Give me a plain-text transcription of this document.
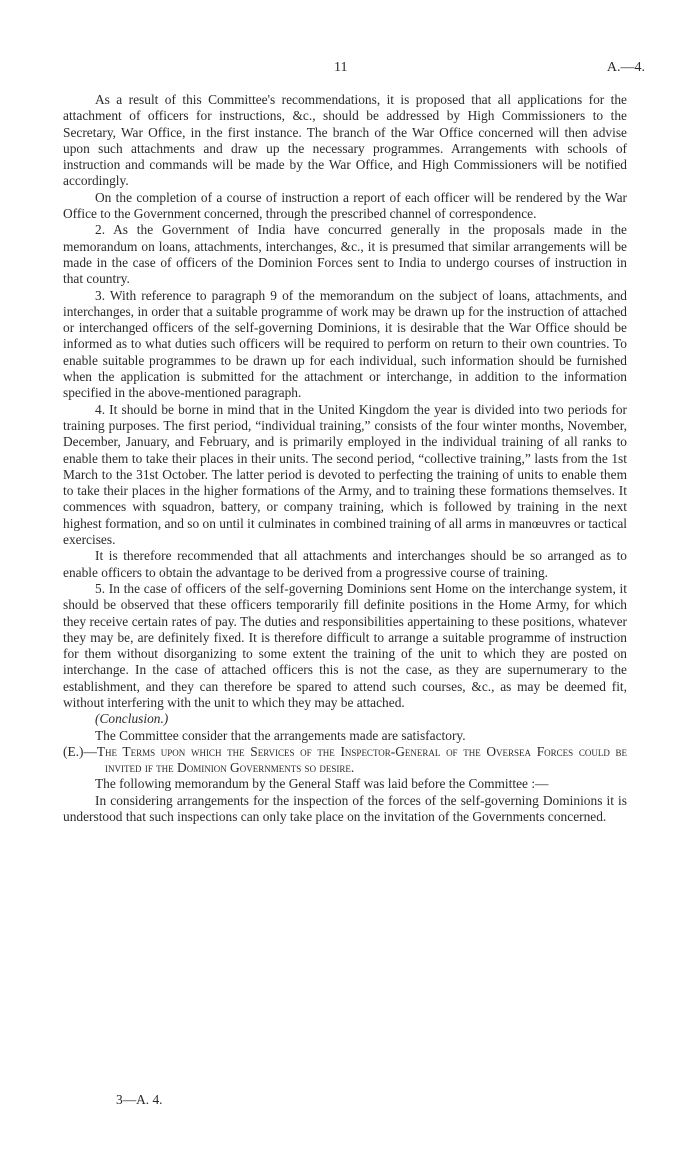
11	A.—4.

As a result of this Committee's recommendations, it is proposed that all applications for the attachment of officers for instructions, &c., should be addressed by High Commissioners to the Secretary, War Office, in the first instance. The branch of the War Office concerned will then advise upon such attachments and draw up the necessary programmes. Arrangements with schools of instruction and commands will be made by the War Office, and High Commissioners will be notified accordingly.

On the completion of a course of instruction a report of each officer will be rendered by the War Office to the Government concerned, through the prescribed channel of correspondence.

2. As the Government of India have concurred generally in the proposals made in the memorandum on loans, attachments, interchanges, &c., it is presumed that similar arrangements will be made in the case of officers of the Dominion Forces sent to India to undergo courses of instruction in that country.

3. With reference to paragraph 9 of the memorandum on the subject of loans, attachments, and interchanges, in order that a suitable programme of work may be drawn up for the instruction of attached or interchanged officers of the self-governing Dominions, it is desirable that the War Office should be informed as to what duties such officers will be required to perform on return to their own countries. To enable suitable programmes to be drawn up for each individual, such information should be furnished when the application is submitted for the attachment or interchange, in addition to the information specified in the above-mentioned paragraph.

4. It should be borne in mind that in the United Kingdom the year is divided into two periods for training purposes. The first period, “individual training,” consists of the four winter months, November, December, January, and February, and is primarily employed in the individual training of all ranks to enable them to take their places in their units. The second period, “collective training,” lasts from the 1st March to the 31st October. The latter period is devoted to perfecting the training of units to enable them to take their places in the higher formations of the Army, and to training these formations themselves. It commences with squadron, battery, or company training, which is followed by training in the next highest formation, and so on until it culminates in combined training of all arms in manœuvres or tactical exercises.

It is therefore recommended that all attachments and interchanges should be so arranged as to enable officers to obtain the advantage to be derived from a progressive course of training.

5. In the case of officers of the self-governing Dominions sent Home on the interchange system, it should be observed that these officers temporarily fill definite positions in the Home Army, for which they receive certain rates of pay. The duties and responsibilities appertaining to these positions, whatever they may be, are definitely fixed. It is therefore difficult to arrange a suitable programme of instruction for them without disorganizing to some extent the training of the unit to which they are posted on interchange. In the case of attached officers this is not the case, as they are supernumerary to the establishment, and they can therefore be spared to attend such courses, &c., as may be deemed fit, without interfering with the unit to which they may be attached.

(Conclusion.)

The Committee consider that the arrangements made are satisfactory.

(E.)—The Terms upon which the Services of the Inspector-General of the Oversea Forces could be invited if the Dominion Governments so desire.

The following memorandum by the General Staff was laid before the Committee :—

In considering arrangements for the inspection of the forces of the self-governing Dominions it is understood that such inspections can only take place on the invitation of the Governments concerned.

3—A. 4.
